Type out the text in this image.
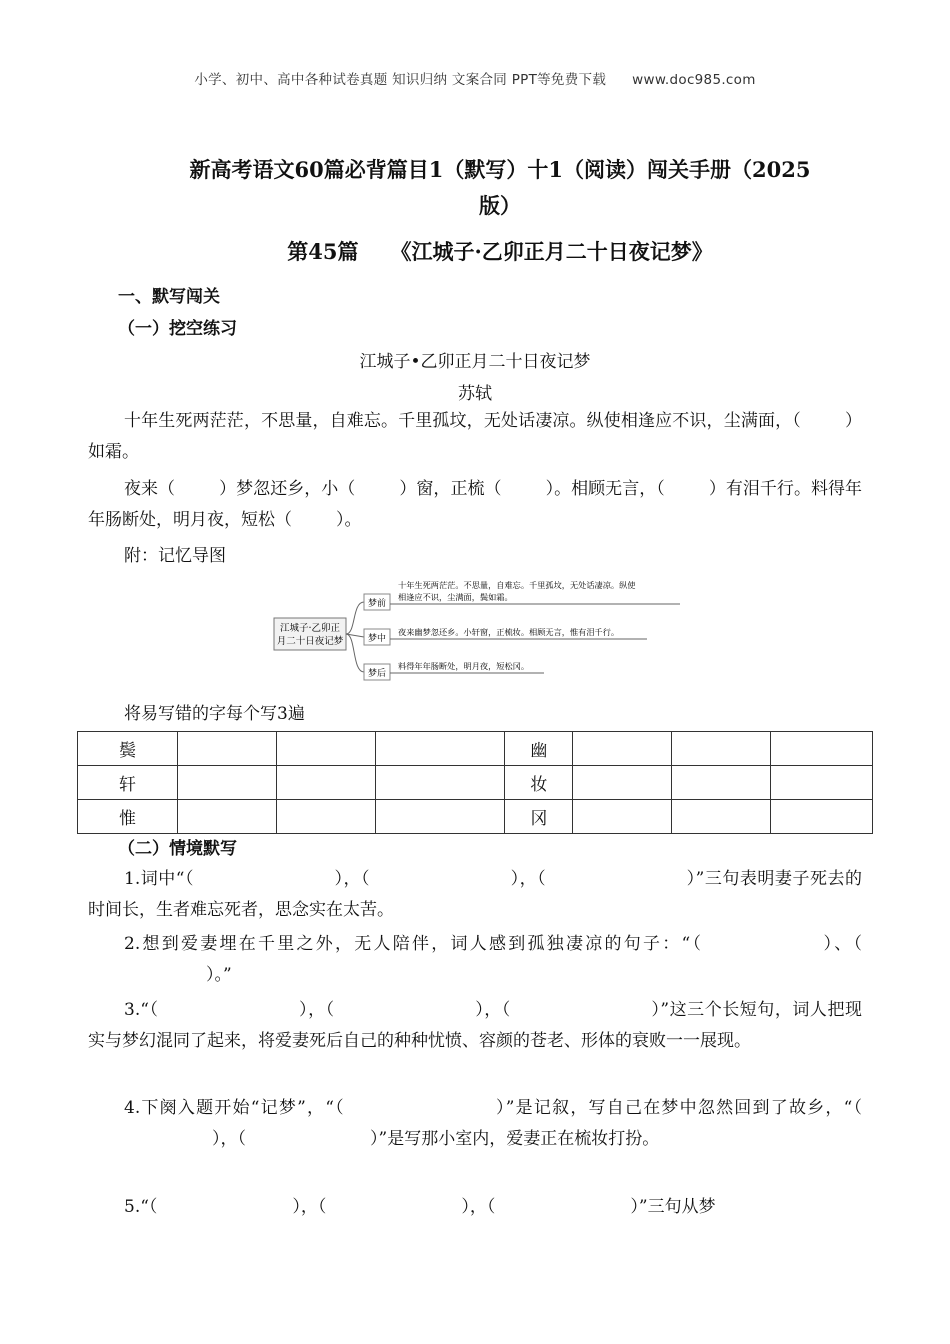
小学、初中、高中各种试卷真题 知识归纳 文案合同 PPT等免费下载 www.doc985.com
新高考语文60篇必背篇目1（默写）十1（阅读）闯关手册（2025
版）
第45篇 《江城子·乙卯正月二十日夜记梦》
一、默写闯关
（一）挖空练习
江城子•乙卯正月二十日夜记梦
苏轼
十年生死两茫茫，不思量，自难忘。千里孤坟，无处话凄凉。纵使相逢应不识，尘满面，（	）如霜。
夜来（	）梦忽还乡，小（	）窗，正梳（	）。相顾无言，（	）有泪千行。料得年年肠断处，明月夜，短松（	）。
附：记忆导图
江城子·乙卯正
月二十日夜记梦
梦前
十年生死两茫茫。不思量，自难忘。千里孤坟，无处话凄凉。纵使
相逢应不识，尘满面，鬓如霜。
梦中
夜来幽梦忽还乡。小轩窗，正梳妆。相顾无言，惟有泪千行。
梦后
料得年年肠断处，明月夜，短松冈。
将易写错的字每个写3遍
鬓				幽			
轩				妆			
惟				冈			
（二）情境默写
1.词中“（	），（	），（	）”三句表明妻子死去的时间长，生者难忘死者，思念实在太苦。
2.想到爱妻埋在千里之外，无人陪伴，词人感到孤独凄凉的句子：“（	）、（）。”
3.“（	），（	），（	）”这三个长短句，词人把现实与梦幻混同了起来，将爱妻死后自己的种种忧愤、容颜的苍老、形体的衰败一一展现。
4.下阕入题开始“记梦”，“（	）”是记叙，写自己在梦中忽然回到了故乡，“（），（	）”是写那小室内，爱妻正在梳妆打扮。
5.“（	），（	），（	）”三句从梦
